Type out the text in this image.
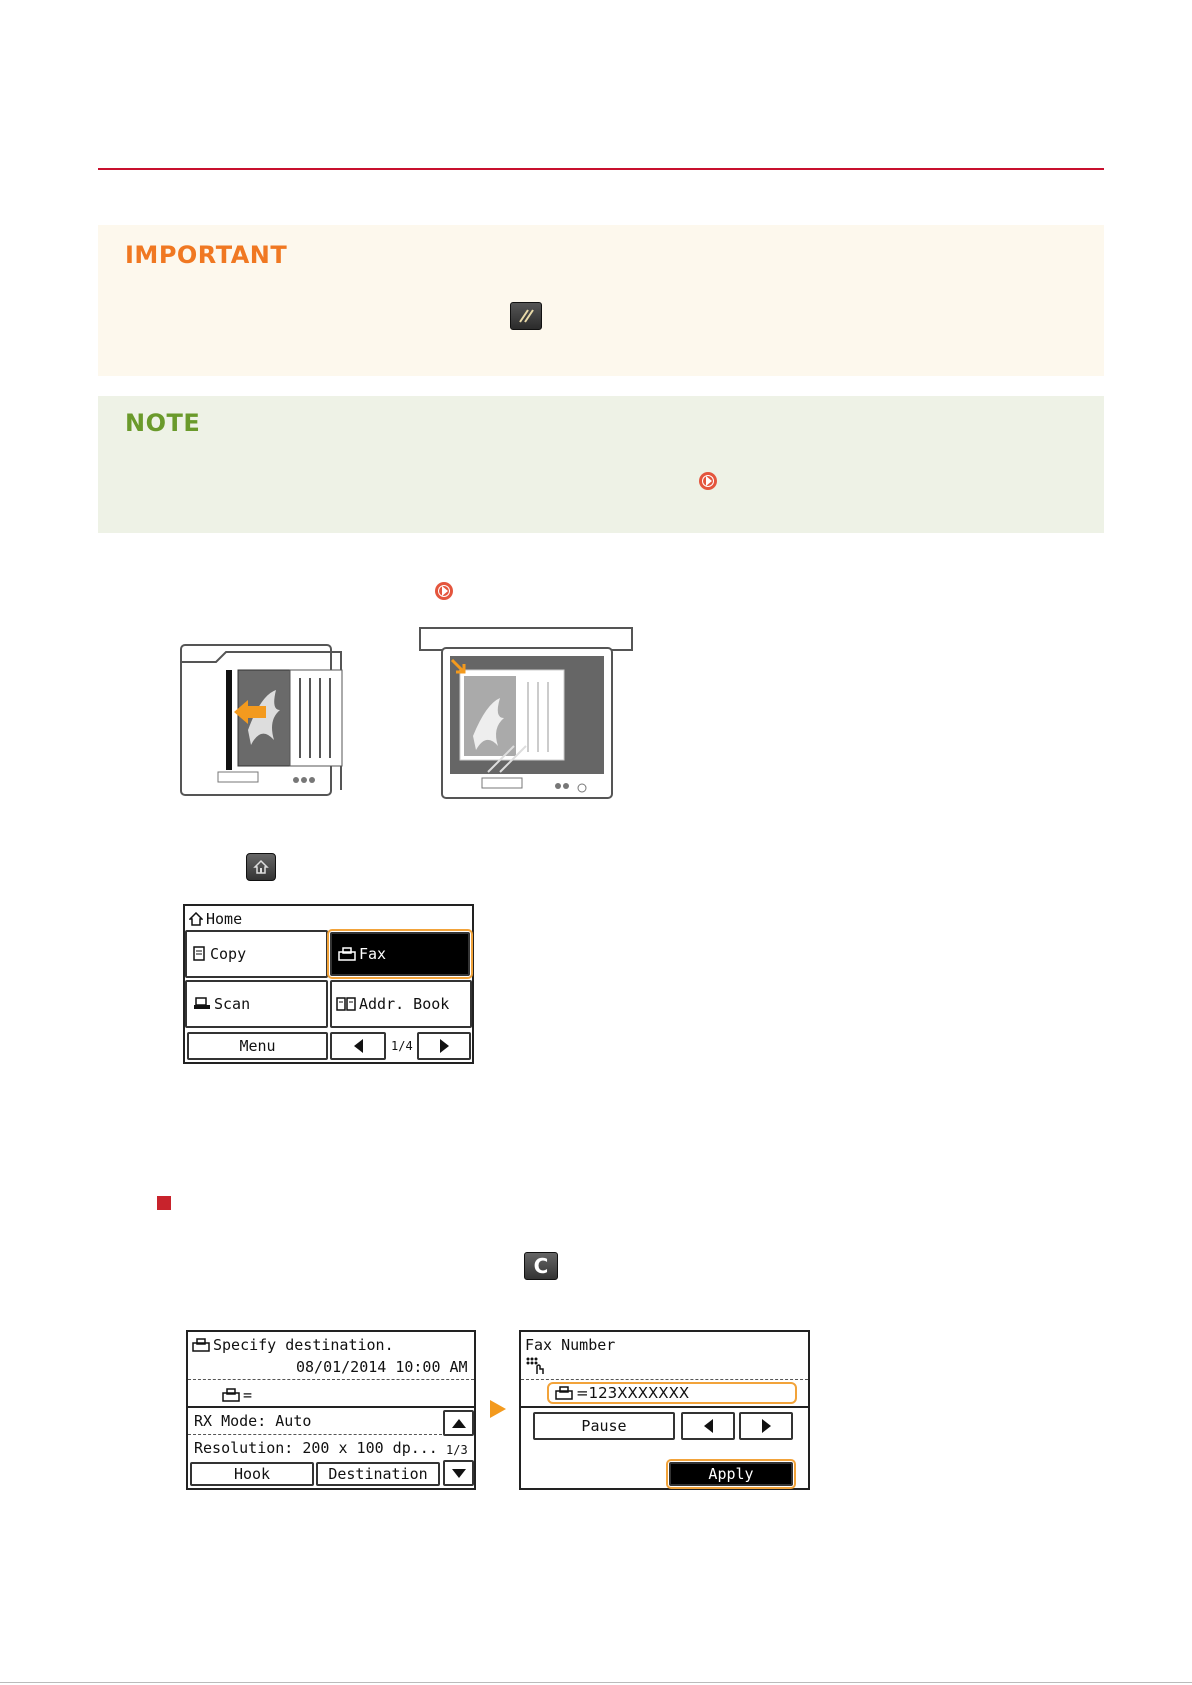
IMPORTANT
NOTE
Home
Copy	Fax
Scan	Addr. Book
Menu	1/4
C
Specify destination.
08/01/2014 10:00 AM
=
RX Mode: Auto
Resolution: 200 x 100 dp... 1/3
Hook	Destination
Fax Number
=123XXXXXXX
Pause
Apply
